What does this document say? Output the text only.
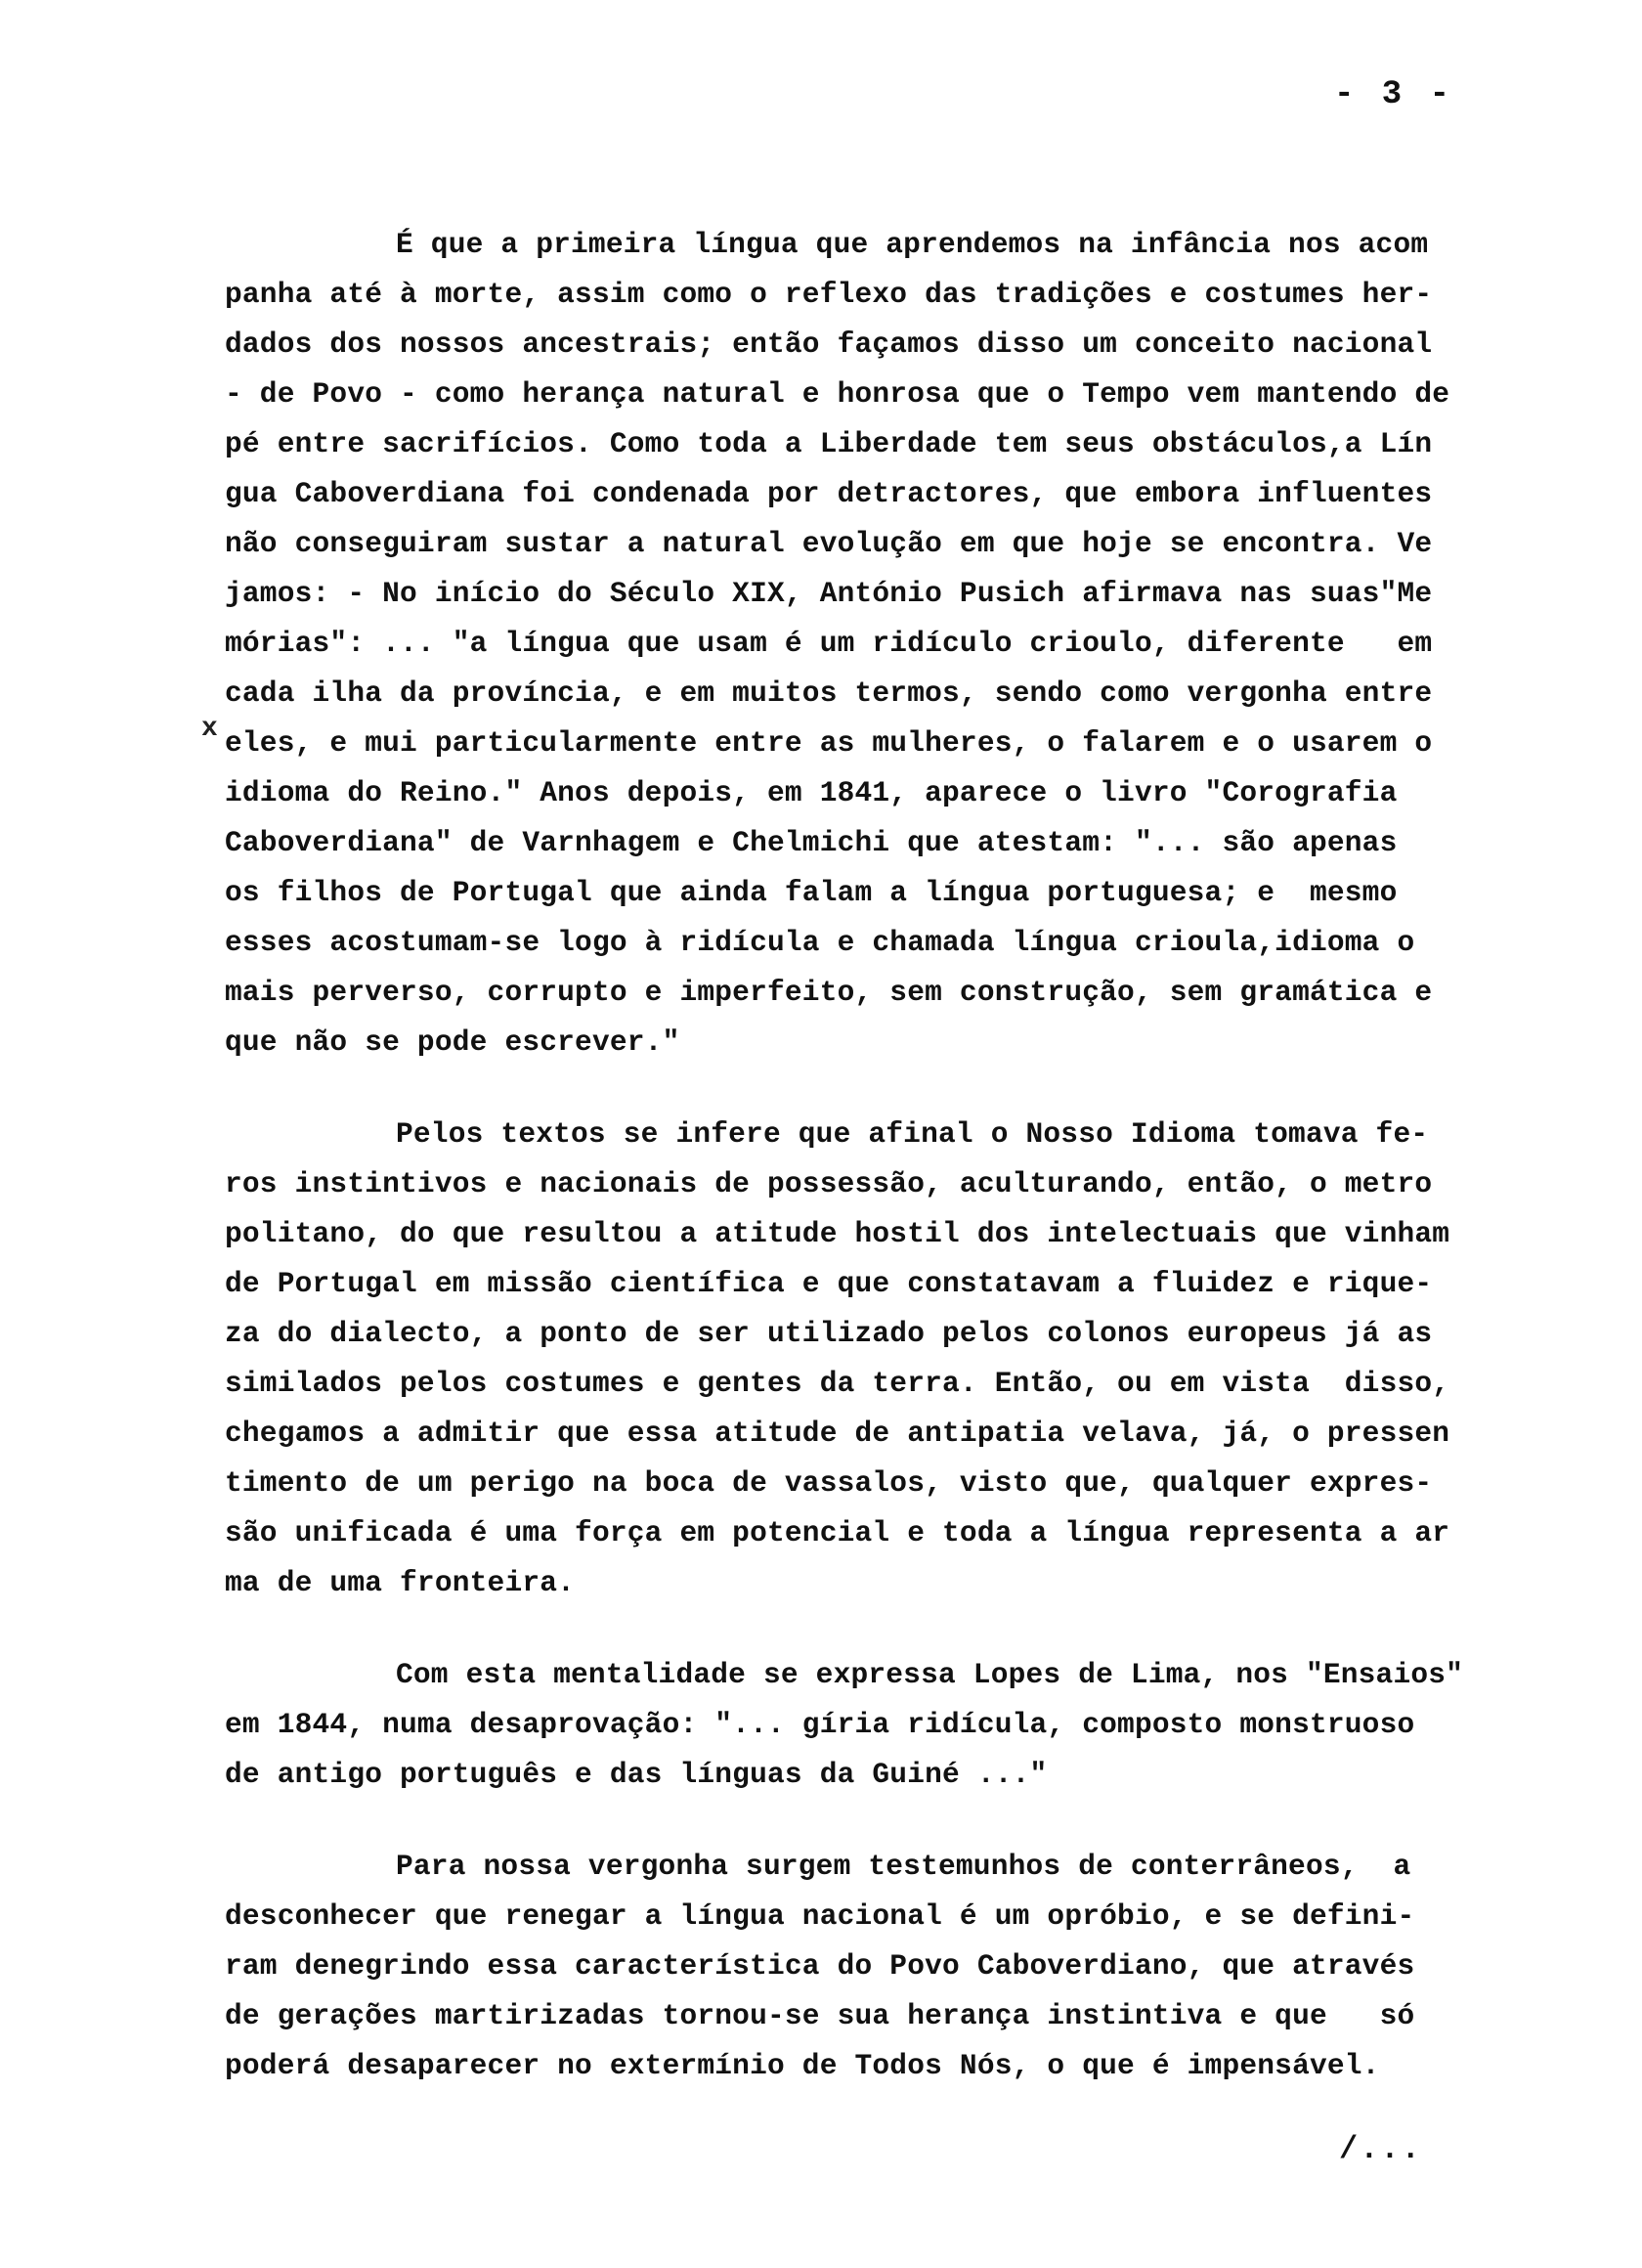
- 3 -
x
É que a primeira língua que aprendemos na infância nos acom
panha até à morte, assim como o reflexo das tradições e costumes her-
dados dos nossos ancestrais; então façamos disso um conceito nacional
- de Povo - como herança natural e honrosa que o Tempo vem mantendo de
pé entre sacrifícios. Como toda a Liberdade tem seus obstáculos,a Lín
gua Caboverdiana foi condenada por detractores, que embora influentes
não conseguiram sustar a natural evolução em que hoje se encontra. Ve
jamos: - No início do Século XIX, António Pusich afirmava nas suas"Me
mórias": ... "a língua que usam é um ridículo crioulo, diferente   em
cada ilha da província, e em muitos termos, sendo como vergonha entre
eles, e mui particularmente entre as mulheres, o falarem e o usarem o
idioma do Reino." Anos depois, em 1841, aparece o livro "Corografia
Caboverdiana" de Varnhagem e Chelmichi que atestam: "... são apenas
os filhos de Portugal que ainda falam a língua portuguesa; e  mesmo
esses acostumam-se logo à ridícula e chamada língua crioula,idioma o
mais perverso, corrupto e imperfeito, sem construção, sem gramática e
que não se pode escrever."
Pelos textos se infere que afinal o Nosso Idioma tomava fe-
ros instintivos e nacionais de possessão, aculturando, então, o metro
politano, do que resultou a atitude hostil dos intelectuais que vinham
de Portugal em missão científica e que constatavam a fluidez e rique-
za do dialecto, a ponto de ser utilizado pelos colonos europeus já as
similados pelos costumes e gentes da terra. Então, ou em vista  disso,
chegamos a admitir que essa atitude de antipatia velava, já, o pressen
timento de um perigo na boca de vassalos, visto que, qualquer expres-
são unificada é uma força em potencial e toda a língua representa a ar
ma de uma fronteira.
Com esta mentalidade se expressa Lopes de Lima, nos "Ensaios"
em 1844, numa desaprovação: "... gíria ridícula, composto monstruoso
de antigo português e das línguas da Guiné ..."
Para nossa vergonha surgem testemunhos de conterrâneos,  a
desconhecer que renegar a língua nacional é um opróbio, e se defini-
ram denegrindo essa característica do Povo Caboverdiano, que através
de gerações martirizadas tornou-se sua herança instintiva e que   só
poderá desaparecer no extermínio de Todos Nós, o que é impensável.
/...
